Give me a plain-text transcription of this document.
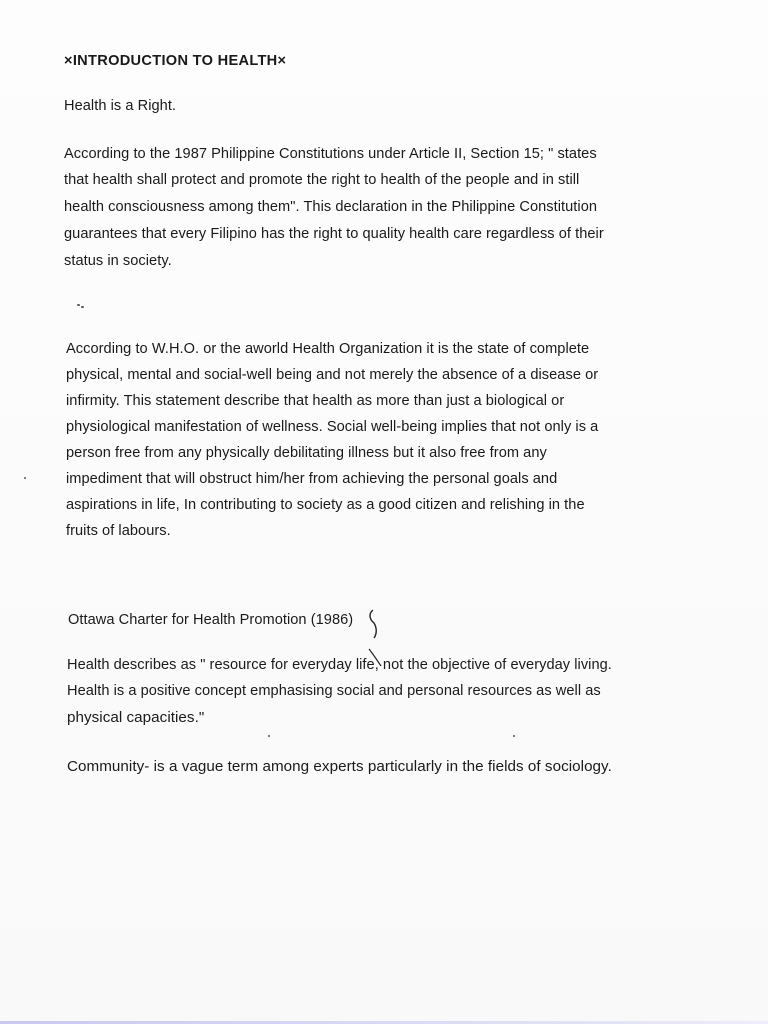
×INTRODUCTION TO HEALTH×
Health is a Right.
According to the 1987 Philippine Constitutions under Article II, Section 15; " states
that health shall protect and promote the right to health of the people and in still
health consciousness among them". This declaration in the Philippine Constitution
guarantees that every Filipino has the right to quality health care regardless of their
status in society.
According to W.H.O. or the aworld Health Organization it is the state of complete
physical, mental and social-well being and not merely the absence of a disease or
infirmity. This statement describe that health as more than just a biological or
physiological manifestation of wellness. Social well-being implies that not only is a
person free from any physically debilitating illness but it also free from any
impediment that will obstruct him/her from achieving the personal goals and
aspirations in life, In contributing to society as a good citizen and relishing in the
fruits of labours.
Ottawa Charter for Health Promotion (1986)
Health describes as " resource for everyday life, not the objective of everyday living.
Health is a positive concept emphasising social and personal resources as well as
physical capacities."
Community- is a vague term among experts particularly in the fields of sociology.
